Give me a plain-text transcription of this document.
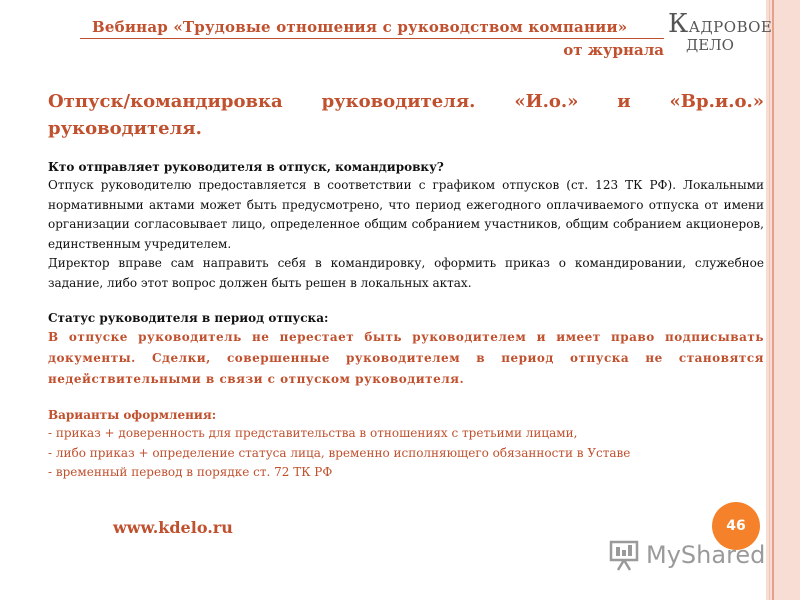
Вебинар «Трудовые отношения с руководством компании»
от журнала
КАДРОВОЕ
ДЕЛО
Отпуск/командировка руководителя. «И.о.» и «Вр.и.о.» руководителя.
Кто отправляет руководителя в отпуск, командировку?
Отпуск руководителю предоставляется в соответствии с графиком отпусков (ст. 123 ТК РФ). Локальными нормативными актами может быть предусмотрено, что период ежегодного оплачиваемого отпуска от имени организации согласовывает лицо, определенное общим собранием участников, общим собранием акционеров, единственным учредителем.
Директор вправе сам направить себя в командировку, оформить приказ о командировании, служебное задание, либо этот вопрос должен быть решен в локальных актах.
Статус руководителя в период отпуска:
В отпуске руководитель не перестает быть руководителем и имеет право подписывать документы. Сделки, совершенные руководителем в период отпуска не становятся недействительными в связи с отпуском руководителя.
Варианты оформления:
- приказ + доверенность для представительства в отношениях с третьими лицами,
- либо приказ + определение статуса лица, временно исполняющего обязанности в Уставе
- временный перевод в порядке ст. 72 ТК РФ
www.kdelo.ru	46
MyShared
